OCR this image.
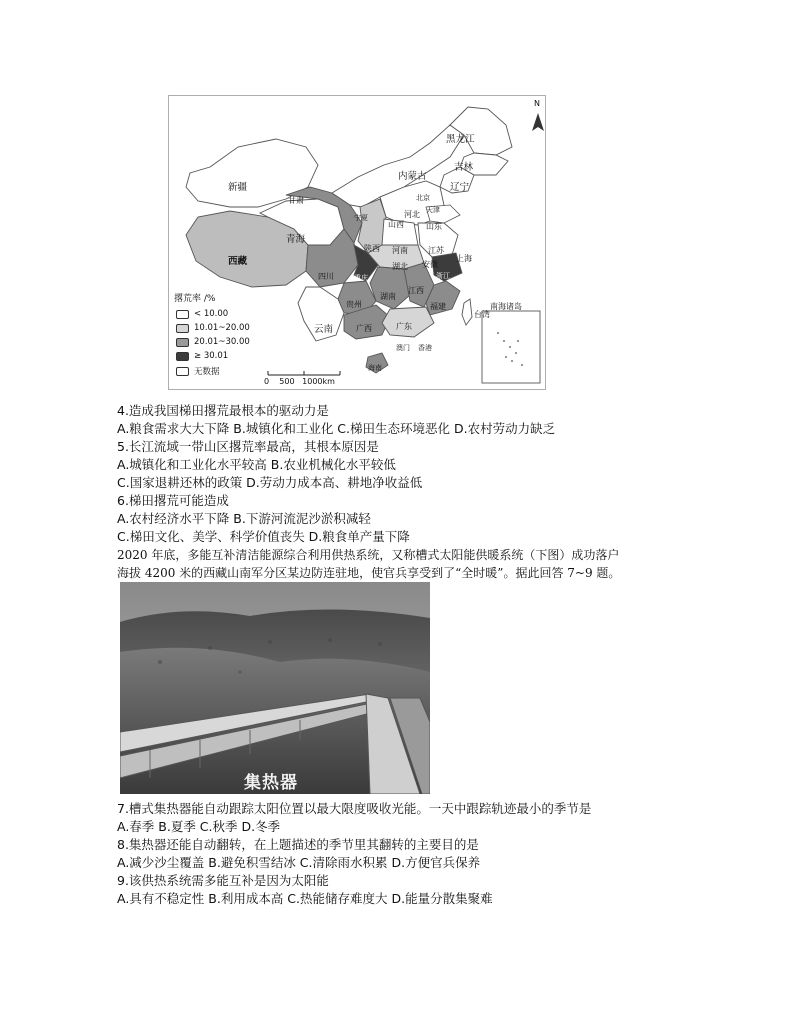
N
黑龙江
吉林
内蒙古
辽宁
新疆
甘肃	北京
天津
河北
宁夏
山西	山东
青海
陕西 河南	江苏
上海
西藏	安徽
湖北
四川	重庆	浙江
贵州
湖南
江西
福建
台湾
云南	广西	广东
澳门 香港
海南
南海诸岛
0    500   1000km
撂荒率 /%
< 10.00
10.01~20.00
20.01~30.00
≥ 30.01
无数据
4.造成我国梯田撂荒最根本的驱动力是
A.粮食需求大大下降 B.城镇化和工业化 C.梯田生态环境恶化 D.农村劳动力缺乏
5.长江流域一带山区撂荒率最高，其根本原因是
A.城镇化和工业化水平较高 B.农业机械化水平较低
C.国家退耕还林的政策 D.劳动力成本高、耕地净收益低
6.梯田撂荒可能造成
A.农村经济水平下降 B.下游河流泥沙淤积减轻
C.梯田文化、美学、科学价值丧失 D.粮食单产量下降
2020 年底，多能互补清洁能源综合利用供热系统，又称槽式太阳能供暖系统（下图）成功落户
海拔 4200 米的西藏山南军分区某边防连驻地，使官兵享受到了“全时暖”。据此回答 7~9 题。
集热器
7.槽式集热器能自动跟踪太阳位置以最大限度吸收光能。一天中跟踪轨迹最小的季节是
A.春季 B.夏季 C.秋季 D.冬季
8.集热器还能自动翻转，在上题描述的季节里其翻转的主要目的是
A.减少沙尘覆盖 B.避免积雪结冰 C.清除雨水积累 D.方便官兵保养
9.该供热系统需多能互补是因为太阳能
A.具有不稳定性 B.利用成本高 C.热能储存难度大 D.能量分散集聚难
